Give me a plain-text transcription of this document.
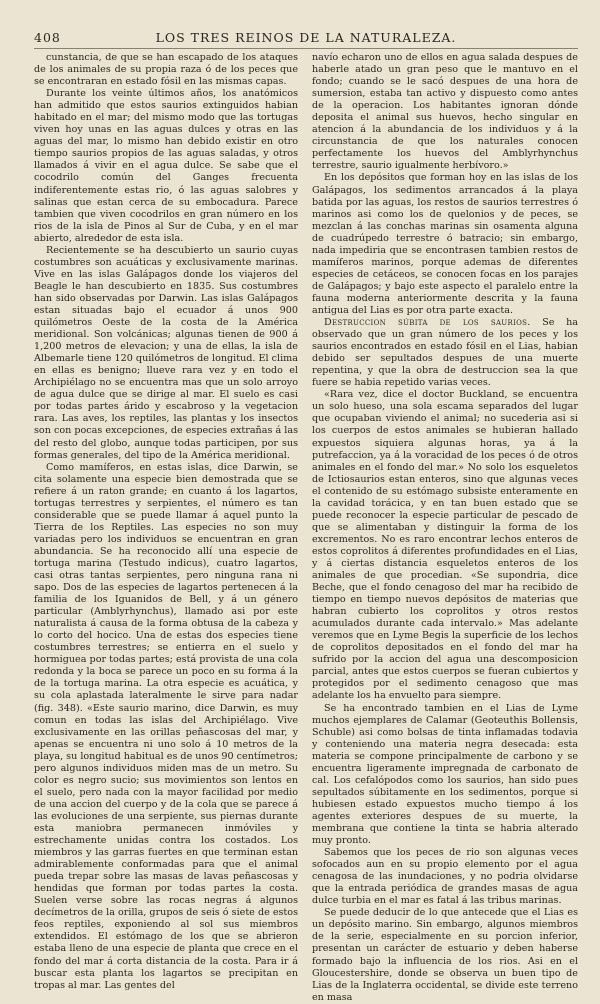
408	LOS TRES REINOS DE LA NATURALEZA.

cunstancia, de que se han escapado de los ataques de los animales de su propia raza ó de los peces que se encontraran en estado fósil en las mismas capas.

Durante los veinte últimos años, los anatómicos han admitido que estos saurios extinguidos habian habitado en el mar; del mismo modo que las tortugas viven hoy unas en las aguas dulces y otras en las aguas del mar, lo mismo han debido existir en otro tiempo saurios propios de las aguas saladas, y otros llamados á vivir en el agua dulce. Se sabe que el cocodrilo común del Ganges frecuenta indiferentemente estas rio, ó las aguas salobres y salinas que estan cerca de su embocadura. Parece tambien que viven cocodrilos en gran número en los rios de la isla de Pinos al Sur de Cuba, y en el mar abierto, alrededor de esta isla.

Recientemente se ha descubierto un saurio cuyas costumbres son acuáticas y exclusivamente marinas. Vive en las islas Galápagos donde los viajeros del Beagle le han descubierto en 1835. Sus costumbres han sido observadas por Darwin. Las islas Galápagos estan situadas bajo el ecuador á unos 900 quilómetros Oeste de la costa de la América meridional. Son volcánicas; algunas tienen de 900 á 1,200 metros de elevacion; y una de ellas, la isla de Albemarle tiene 120 quilómetros de longitud. El clima en ellas es benigno; llueve rara vez y en todo el Archipiélago no se encuentra mas que un solo arroyo de agua dulce que se dirige al mar. El suelo es casi por todas partes árido y escabroso y la vegetacion rara. Las aves, los reptiles, las plantas y los insectos son con pocas excepciones, de especies extrañas á las del resto del globo, aunque todas participen, por sus formas generales, del tipo de la América meridional.

Como mamíferos, en estas islas, dice Darwin, se cita solamente una especie bien demostrada que se refiere á un raton grande; en cuanto á los lagartos, tortugas terrestres y serpientes, el número es tan considerable que se puede llamar á aquel punto la Tierra de los Reptiles. Las especies no son muy variadas pero los individuos se encuentran en gran abundancia. Se ha reconocido allí una especie de tortuga marina (Testudo indicus), cuatro lagartos, casi otras tantas serpientes, pero ninguna rana ni sapo. Dos de las especies de lagartos pertenecen á la familia de los Iguanidos de Bell, y á un género particular (Amblyrhynchus), llamado asi por este naturalista á causa de la forma obtusa de la cabeza y lo corto del hocico. Una de estas dos especies tiene costumbres terrestres; se entierra en el suelo y hormiguea por todas partes; está provista de una cola redonda y la boca se parece un poco en su forma á la de la tortuga marina. La otra especie es acuática, y su cola aplastada lateralmente le sirve para nadar (fig. 348). «Este saurio marino, dice Darwin, es muy comun en todas las islas del Archipiélago. Vive exclusivamente en las orillas peñascosas del mar, y apenas se encuentra ni uno solo á 10 metros de la playa, su longitud habitual es de unos 90 centímetros; pero algunos individuos miden mas de un metro. Su color es negro sucio; sus movimientos son lentos en el suelo, pero nada con la mayor facilidad por medio de una accion del cuerpo y de la cola que se parece á las evoluciones de una serpiente, sus piernas durante esta maniobra permanecen inmóviles y estrechamente unidas contra los costados. Los miembros y las garras fuertes en que terminan estan admirablemente conformadas para que el animal pueda trepar sobre las masas de lavas peñascosas y hendidas que forman por todas partes la costa. Suelen verse sobre las rocas negras á algunos decímetros de la orilla, grupos de seis ó siete de estos feos reptiles, exponiendo al sol sus miembros extendidos. El estómago de los que se abrieron estaba lleno de una especie de planta que crece en el fondo del mar á corta distancia de la costa. Para ir á buscar esta planta los lagartos se precipitan en tropas al mar. Las gentes del

navío echaron uno de ellos en agua salada despues de haberle atado un gran peso que le mantuvo en el fondo; cuando se le sacó despues de una hora de sumersion, estaba tan activo y dispuesto como antes de la operacion. Los habitantes ignoran dónde deposita el animal sus huevos, hecho singular en atencion á la abundancia de los individuos y á la circunstancia de que los naturales conocen perfectamente los huevos del Amblyrhynchus terrestre, saurio igualmente herbívoro.»

En los depósitos que forman hoy en las islas de los Galápagos, los sedimentos arrancados á la playa batida por las aguas, los restos de saurios terrestres ó marinos asi como los de quelonios y de peces, se mezclan á las conchas marinas sin osamenta alguna de cuadrúpedo terrestre ó batracio; sin embargo, nada impediria que se encontrasen tambien restos de mamíferos marinos, porque ademas de diferentes especies de cetáceos, se conocen focas en los parajes de Galápagos; y bajo este aspecto el paralelo entre la fauna moderna anteriormente descrita y la fauna antigua del Lias es por otra parte exacta.

Destruccion súbita de los saurios. Se ha observado que un gran número de los peces y los saurios encontrados en estado fósil en el Lias, habian debido ser sepultados despues de una muerte repentina, y que la obra de destruccion sea la que fuere se habia repetido varias veces.

«Rara vez, dice el doctor Buckland, se encuentra un solo hueso, una sola escama separados del lugar que ocupaban viviendo el animal; no sucederia asi si los cuerpos de estos animales se hubieran hallado expuestos siquiera algunas horas, ya á la putrefaccion, ya á la voracidad de los peces ó de otros animales en el fondo del mar.» No solo los esqueletos de Ictiosaurios estan enteros, sino que algunas veces el contenido de su estómago subsiste enteramente en la cavidad torácica, y en tan buen estado que se puede reconocer la especie particular de pescado de que se alimentaban y distinguir la forma de los excrementos. No es raro encontrar lechos enteros de estos coprolitos á diferentes profundidades en el Lias, y á ciertas distancia esqueletos enteros de los animales de que procedian. «Se supondria, dice Beche, que el fondo cenagoso del mar ha recibido de tiempo en tiempo nuevos depósitos de materias que habran cubierto los coprolitos y otros restos acumulados durante cada intervalo.» Mas adelante veremos que en Lyme Begis la superficie de los lechos de coprolitos depositados en el fondo del mar ha sufrido por la accion del agua una descomposicion parcial, antes que estos cuerpos se fueran cubiertos y protegidos por el sedimento cenagoso que mas adelante los ha envuelto para siempre.

Se ha encontrado tambien en el Lias de Lyme muchos ejemplares de Calamar (Geoteuthis Bollensis, Schuble) asi como bolsas de tinta inflamadas todavia y conteniendo una materia negra desecada: esta materia se compone principalmente de carbono y se encuentra ligeramente impregnada de carbonato de cal. Los cefalópodos como los saurios, han sido pues sepultados súbitamente en los sedimentos, porque si hubiesen estado expuestos mucho tiempo á los agentes exteriores despues de su muerte, la membrana que contiene la tinta se habria alterado muy pronto.

Sabemos que los peces de rio son algunas veces sofocados aun en su propio elemento por el agua cenagosa de las inundaciones, y no podria olvidarse que la entrada periódica de grandes masas de agua dulce turbia en el mar es fatal á las tribus marinas.

Se puede deducir de lo que antecede que el Lias es un depósito marino. Sin embargo, algunos miembros de la serie, especialmente en su porcion inferior, presentan un carácter de estuario y deben haberse formado bajo la influencia de los rios. Asi en el Gloucestershire, donde se observa un buen tipo de Lias de la Inglaterra occidental, se divide este terreno en masa
